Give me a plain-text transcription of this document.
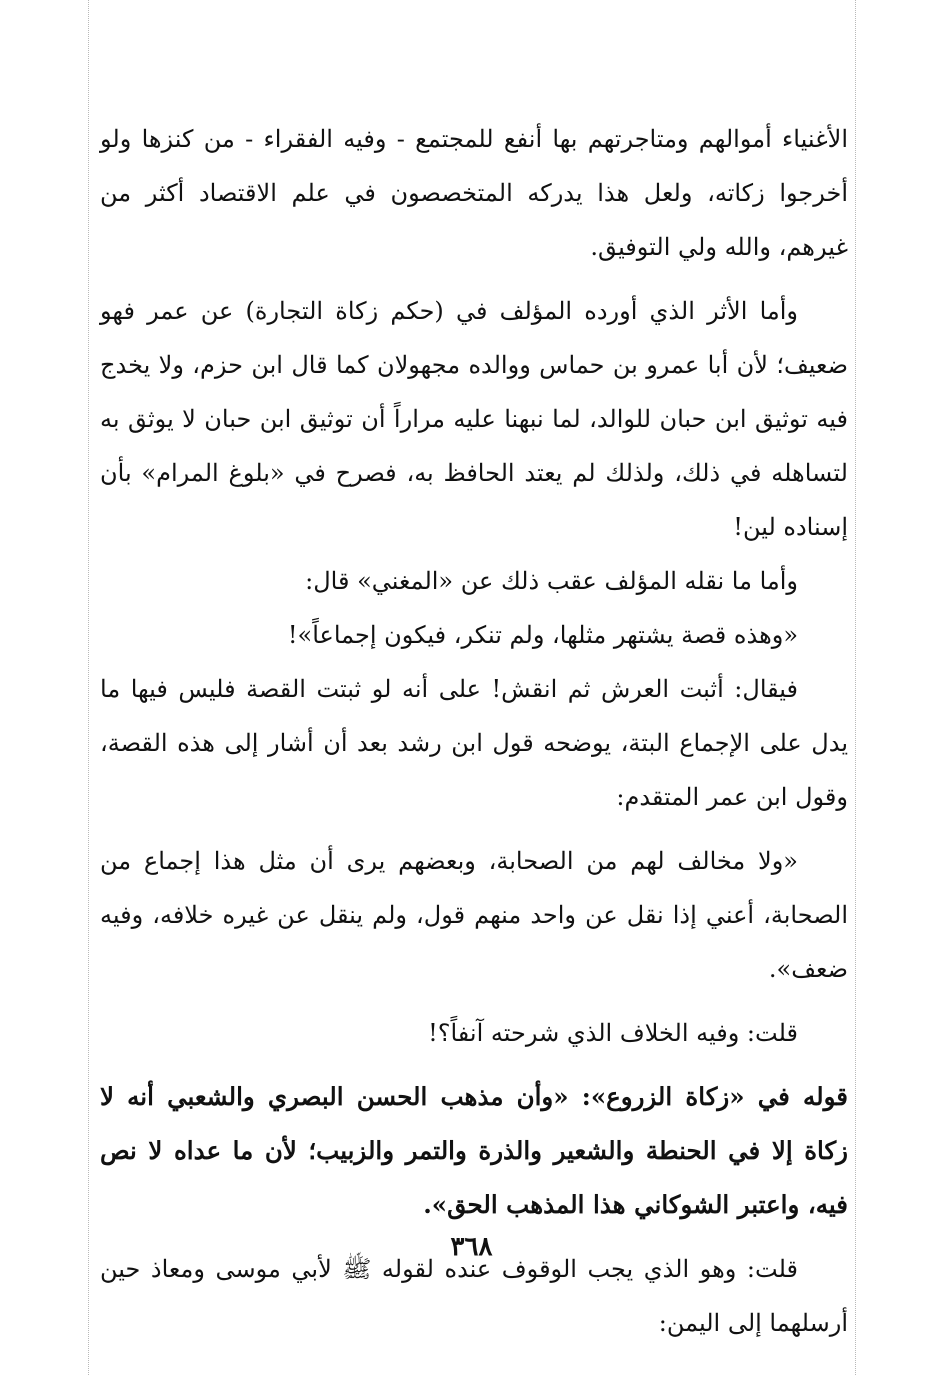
الأغنياء أموالهم ومتاجرتهم بها أنفع للمجتمع - وفيه الفقراء - من كنزها ولو أخرجوا زكاته، ولعل هذا يدركه المتخصصون في علم الاقتصاد أكثر من غيرهم، والله ولي التوفيق.

وأما الأثر الذي أورده المؤلف في (حكم زكاة التجارة) عن عمر فهو ضعيف؛ لأن أبا عمرو بن حماس ووالده مجهولان كما قال ابن حزم، ولا يخدج فيه توثيق ابن حبان للوالد، لما نبهنا عليه مراراً أن توثيق ابن حبان لا يوثق به لتساهله في ذلك، ولذلك لم يعتد الحافظ به، فصرح في «بلوغ المرام» بأن إسناده لين!

وأما ما نقله المؤلف عقب ذلك عن «المغني» قال:

«وهذه قصة يشتهر مثلها، ولم تنكر، فيكون إجماعاً»!

فيقال: أثبت العرش ثم انقش! على أنه لو ثبتت القصة فليس فيها ما يدل على الإجماع البتة، يوضحه قول ابن رشد بعد أن أشار إلى هذه القصة، وقول ابن عمر المتقدم:

«ولا مخالف لهم من الصحابة، وبعضهم يرى أن مثل هذا إجماع من الصحابة، أعني إذا نقل عن واحد منهم قول، ولم ينقل عن غيره خلافه، وفيه ضعف».

قلت: وفيه الخلاف الذي شرحته آنفاً؟!

قوله في «زكاة الزروع»: «وأن مذهب الحسن البصري والشعبي أنه لا زكاة إلا في الحنطة والشعير والذرة والتمر والزبيب؛ لأن ما عداه لا نص فيه، واعتبر الشوكاني هذا المذهب الحق».

قلت: وهو الذي يجب الوقوف عنده لقوله ﷺ لأبي موسى ومعاذ حين أرسلهما إلى اليمن:

٣٦٨
